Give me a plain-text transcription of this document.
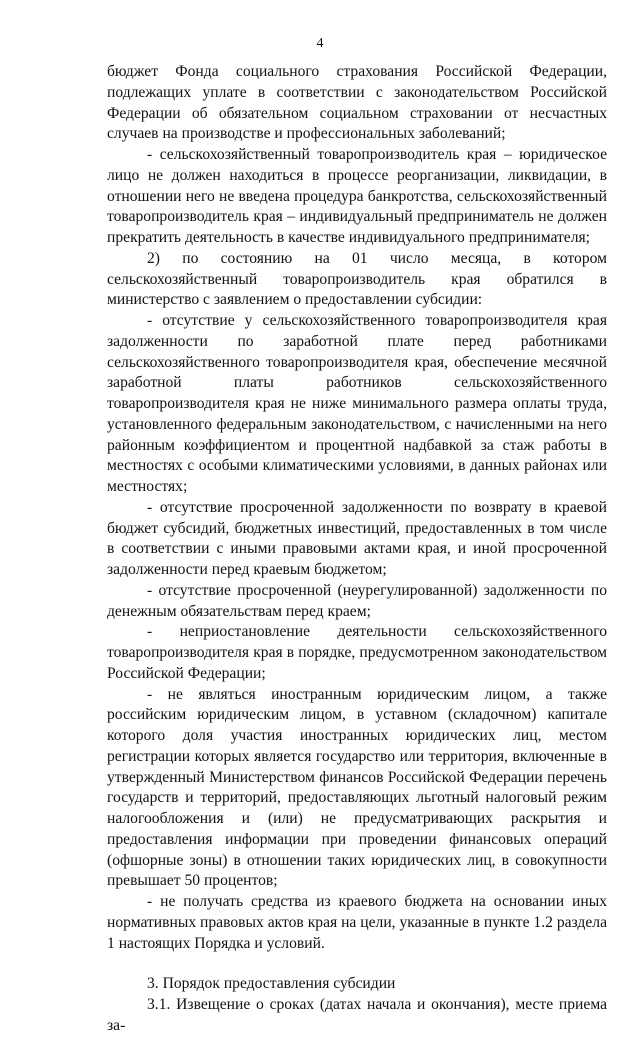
4

бюджет Фонда социального страхования Российской Федерации, подлежащих уплате в соответствии с законодательством Российской Федерации об обязательном социальном страховании от несчастных случаев на производстве и профессиональных заболеваний;

- сельскохозяйственный товаропроизводитель края – юридическое лицо не должен находиться в процессе реорганизации, ликвидации, в отношении него не введена процедура банкротства, сельскохозяйственный товаропроизводитель края – индивидуальный предприниматель не должен прекратить деятельность в качестве индивидуального предпринимателя;

2) по состоянию на 01 число месяца, в котором сельскохозяйственный товаропроизводитель края обратился в министерство с заявлением о предоставлении субсидии:

- отсутствие у сельскохозяйственного товаропроизводителя края задолженности по заработной плате перед работниками сельскохозяйственного товаропроизводителя края, обеспечение месячной заработной платы работников сельскохозяйственного товаропроизводителя края не ниже минимального размера оплаты труда, установленного федеральным законодательством, с начисленными на него районным коэффициентом и процентной надбавкой за стаж работы в местностях с особыми климатическими условиями, в данных районах или местностях;

- отсутствие просроченной задолженности по возврату в краевой бюджет субсидий, бюджетных инвестиций, предоставленных в том числе в соответствии с иными правовыми актами края, и иной просроченной задолженности перед краевым бюджетом;

- отсутствие просроченной (неурегулированной) задолженности по денежным обязательствам перед краем;

- неприостановление деятельности сельскохозяйственного товаропроизводителя края в порядке, предусмотренном законодательством Российской Федерации;

- не являться иностранным юридическим лицом, а также российским юридическим лицом, в уставном (складочном) капитале которого доля участия иностранных юридических лиц, местом регистрации которых является государство или территория, включенные в утвержденный Министерством финансов Российской Федерации перечень государств и территорий, предоставляющих льготный налоговый режим налогообложения и (или) не предусматривающих раскрытия и предоставления информации при проведении финансовых операций (офшорные зоны) в отношении таких юридических лиц, в совокупности превышает 50 процентов;

- не получать средства из краевого бюджета на основании иных нормативных правовых актов края на цели, указанные в пункте 1.2 раздела 1 настоящих Порядка и условий.

3. Порядок предоставления субсидии

3.1. Извещение о сроках (датах начала и окончания), месте приема за-
